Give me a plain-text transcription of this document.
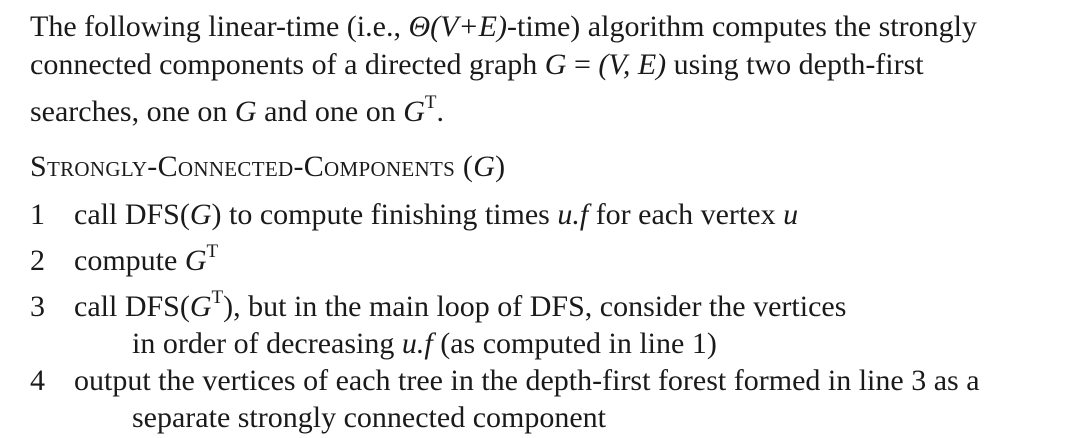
The following linear-time (i.e., Θ(V+E)-time) algorithm computes the strongly
connected components of a directed graph G = (V, E) using two depth-first
searches, one on G and one on $G^T$.
Strongly-Connected-Components (G)
1 call DFS(G) to compute finishing times u.f for each vertex u
2 compute $G^T$
3 call $DFS(G^T)$, but in the main loop of DFS, consider the vertices
in order of decreasing u.f (as computed in line 1)
4 output the vertices of each tree in the depth-first forest formed in line 3 as a
separate strongly connected component
